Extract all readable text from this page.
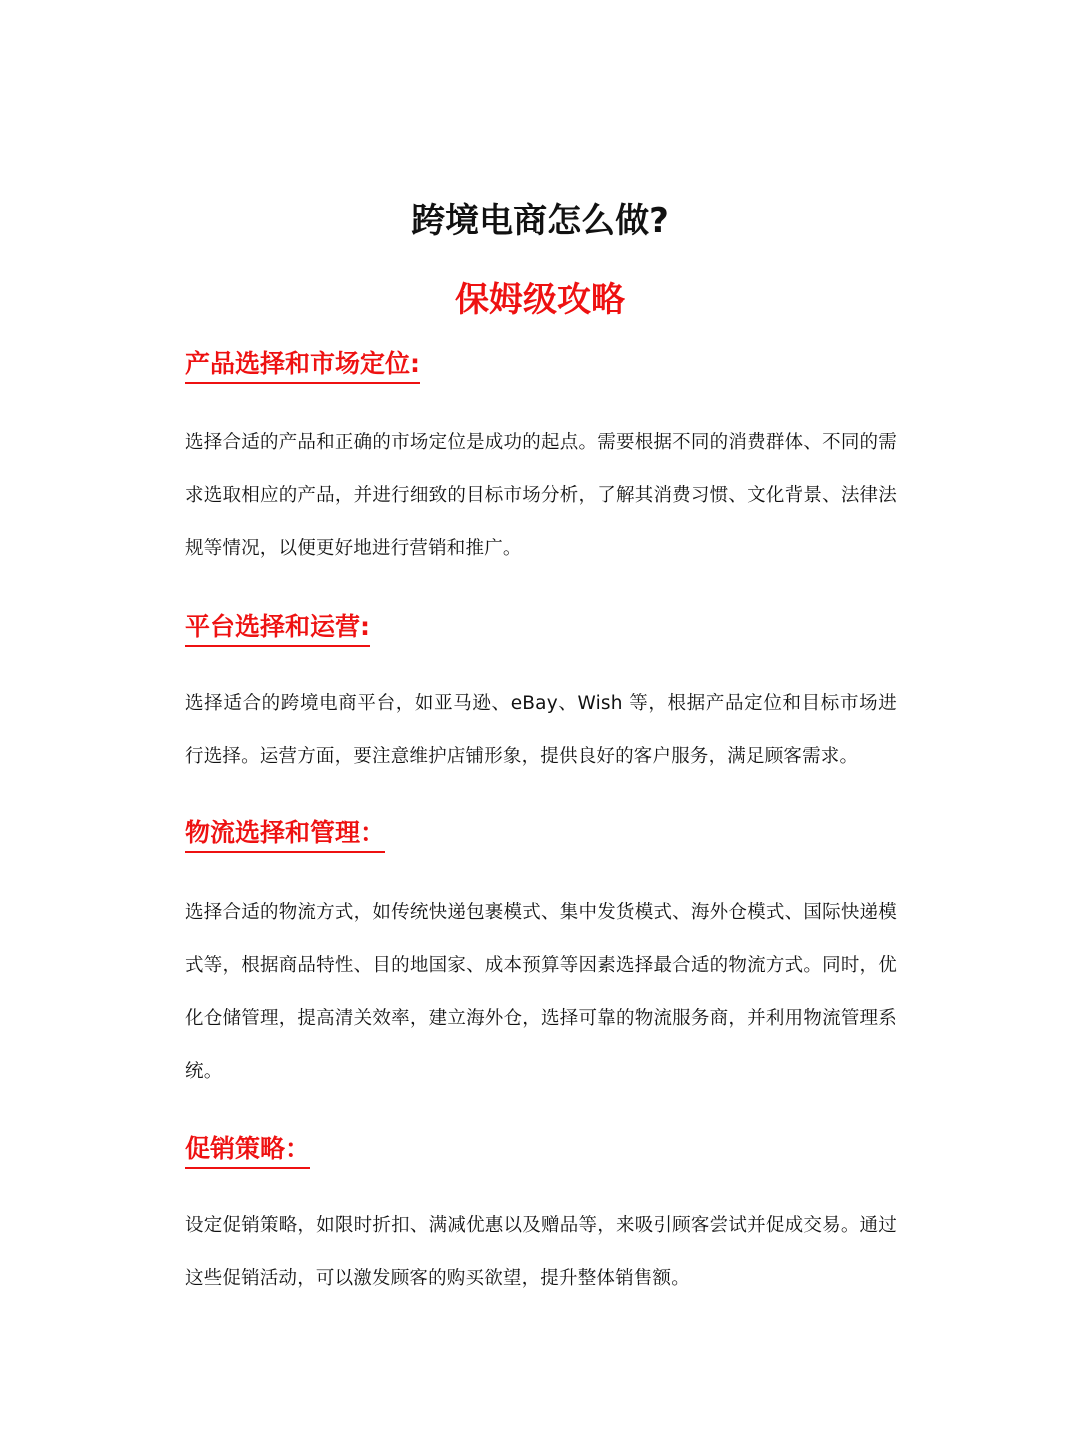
跨境电商怎么做?
保姆级攻略
产品选择和市场定位:
选择合适的产品和正确的市场定位是成功的起点。需要根据不同的消费群体、不同的需求选取相应的产品，并进行细致的目标市场分析，了解其消费习惯、文化背景、法律法规等情况，以便更好地进行营销和推广。
平台选择和运营:
选择适合的跨境电商平台，如亚马逊、eBay、Wish 等，根据产品定位和目标市场进行选择。运营方面，要注意维护店铺形象，提供良好的客户服务，满足顾客需求。
物流选择和管理：
选择合适的物流方式，如传统快递包裹模式、集中发货模式、海外仓模式、国际快递模式等，根据商品特性、目的地国家、成本预算等因素选择最合适的物流方式。同时，优化仓储管理，提高清关效率，建立海外仓，选择可靠的物流服务商，并利用物流管理系统。
促销策略：
设定促销策略，如限时折扣、满减优惠以及赠品等，来吸引顾客尝试并促成交易。通过这些促销活动，可以激发顾客的购买欲望，提升整体销售额。
